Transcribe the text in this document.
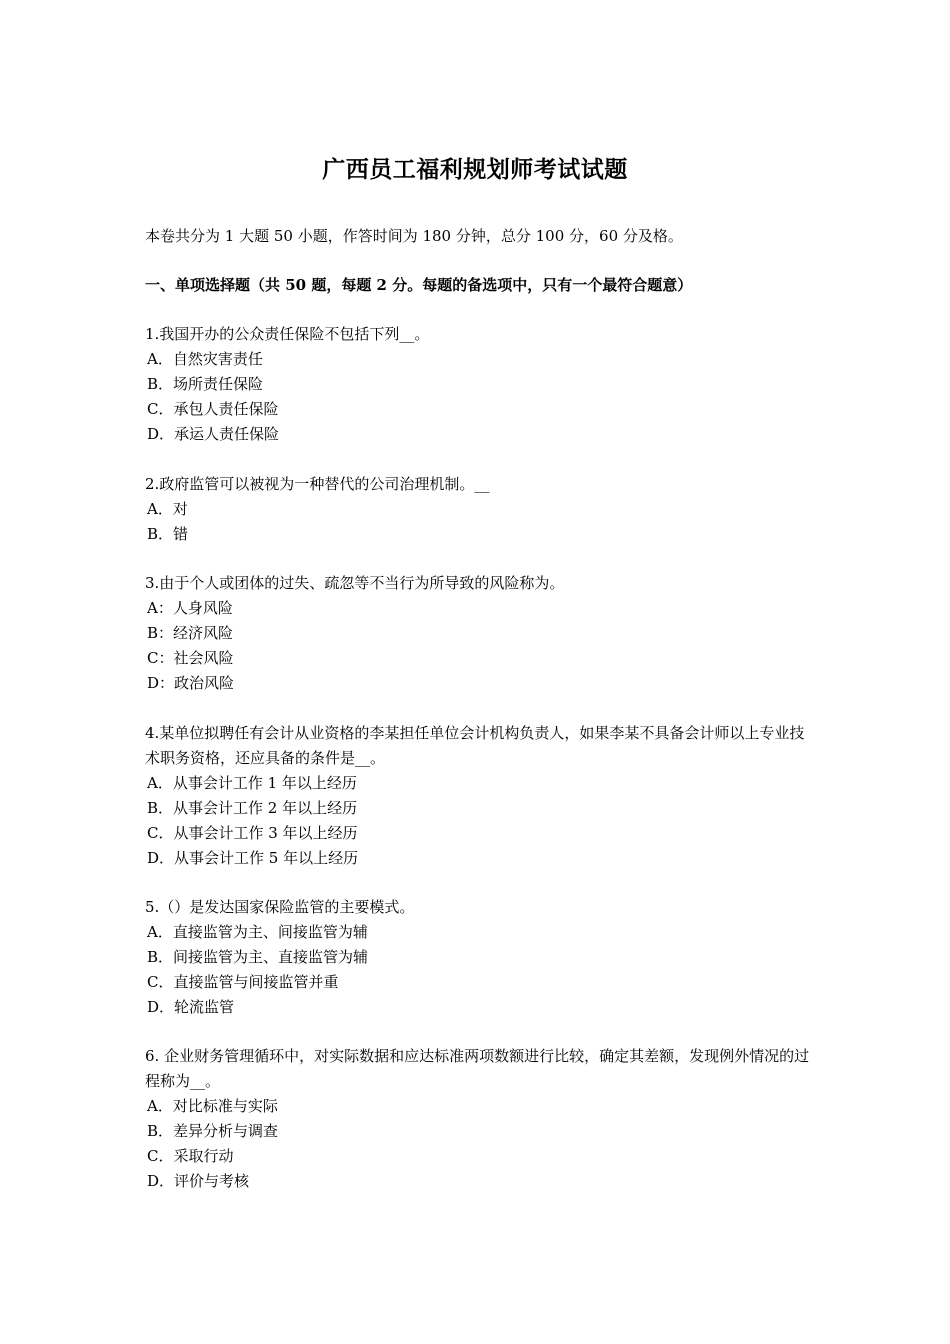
广西员工福利规划师考试试题
本卷共分为 1 大题 50 小题，作答时间为 180 分钟，总分 100 分，60 分及格。
一、单项选择题（共 50 题，每题 2 分。每题的备选项中，只有一个最符合题意）

1.我国开办的公众责任保险不包括下列__。

A．自然灾害责任
B．场所责任保险
C．承包人责任保险
D．承运人责任保险

2.政府监管可以被视为一种替代的公司治理机制。__

A．对
B．错

3.由于个人或团体的过失、疏忽等不当行为所导致的风险称为。

A：人身风险
B：经济风险
C：社会风险
D：政治风险

4.某单位拟聘任有会计从业资格的李某担任单位会计机构负责人，如果李某不具备会计师以上专业技术职务资格，还应具备的条件是__。

A．从事会计工作 1 年以上经历
B．从事会计工作 2 年以上经历
C．从事会计工作 3 年以上经历
D．从事会计工作 5 年以上经历

5.（）是发达国家保险监管的主要模式。

A．直接监管为主、间接监管为辅
B．间接监管为主、直接监管为辅
C．直接监管与间接监管并重
D．轮流监管

6. 企业财务管理循环中，对实际数据和应达标准两项数额进行比较，确定其差额，发现例外情况的过程称为__。

A．对比标准与实际
B．差异分析与调查
C．采取行动
D．评价与考核
